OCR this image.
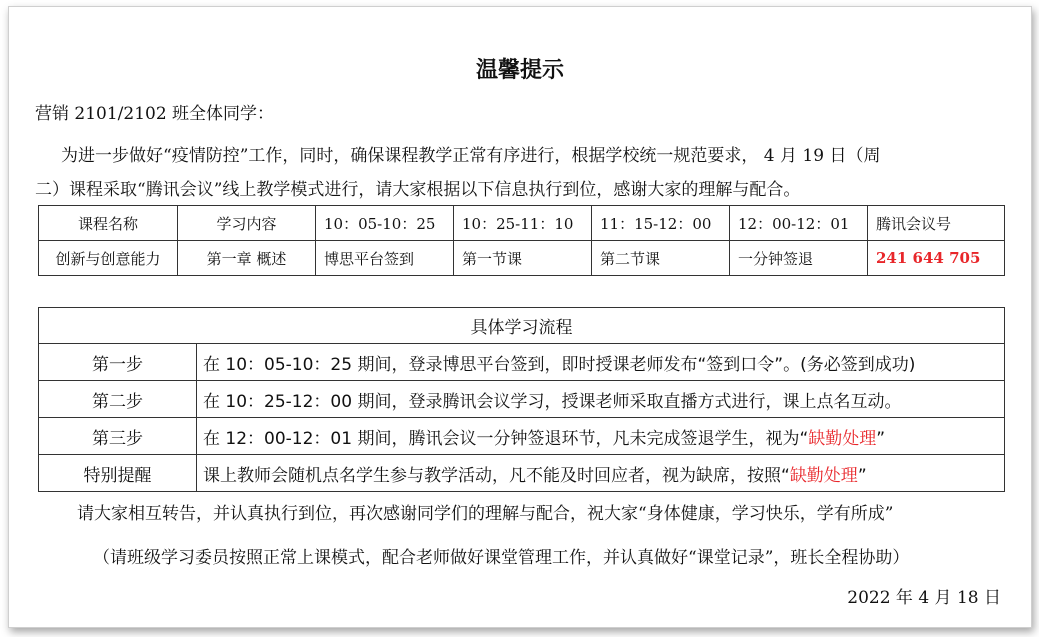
温馨提示
营销 2101/2102 班全体同学：
为进一步做好“疫情防控”工作，同时，确保课程教学正常有序进行，根据学校统一规范要求， 4 月 19 日（周
二）课程采取“腾讯会议”线上教学模式进行，请大家根据以下信息执行到位，感谢大家的理解与配合。
课程名称	学习内容	10：05-10：25	10：25-11：10	11：15-12：00	12：00-12：01	腾讯会议号
创新与创意能力	第一章 概述	博思平台签到	第一节课	第二节课	一分钟签退	241 644 705
具体学习流程	
第一步	在 10：05-10：25 期间，登录博思平台签到，即时授课老师发布“签到口令”。(务必签到成功)
第二步	在 10：25-12：00 期间，登录腾讯会议学习，授课老师采取直播方式进行，课上点名互动。
第三步	在 12：00-12：01 期间，腾讯会议一分钟签退环节，凡未完成签退学生，视为“缺勤处理”
特别提醒	课上教师会随机点名学生参与教学活动，凡不能及时回应者，视为缺席，按照“缺勤处理”
请大家相互转告，并认真执行到位，再次感谢同学们的理解与配合，祝大家“身体健康，学习快乐，学有所成”
（请班级学习委员按照正常上课模式，配合老师做好课堂管理工作，并认真做好“课堂记录”，班长全程协助）
2022 年 4 月 18 日
